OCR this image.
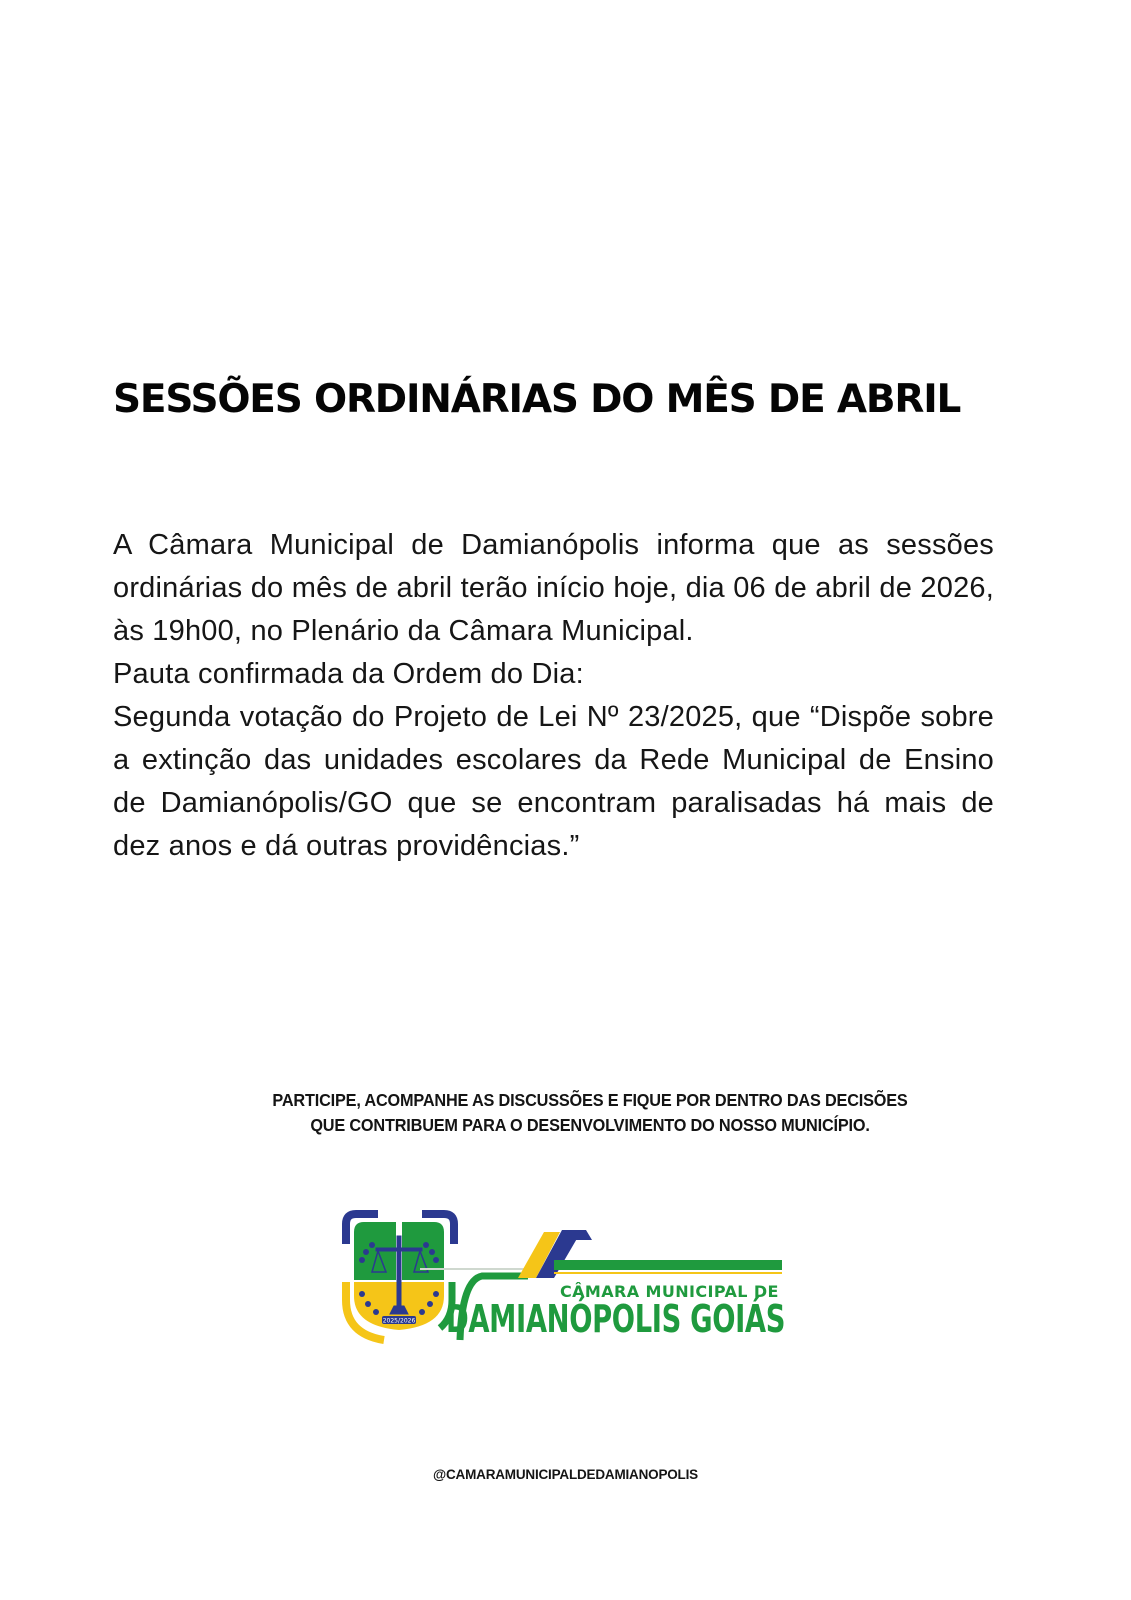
SESSÕES ORDINÁRIAS DO MÊS DE ABRIL

A Câmara Municipal de Damianópolis informa que as sessões ordinárias do mês de abril terão início hoje, dia 06 de abril de 2026, às 19h00, no Plenário da Câmara Municipal.

Pauta confirmada da Ordem do Dia:

Segunda votação do Projeto de Lei Nº 23/2025, que “Dispõe sobre a extinção das unidades escolares da Rede Municipal de Ensino de Damianópolis/GO que se encontram paralisadas há mais de dez anos e dá outras providências.”

PARTICIPE, ACOMPANHE AS DISCUSSÕES E FIQUE POR DENTRO DAS DECISÕES
QUE CONTRIBUEM PARA O DESENVOLVIMENTO DO NOSSO MUNICÍPIO.
2025/2026
CÂMARA MUNICIPAL DE
DAMIANÓPOLIS GOIÁS
@CAMARAMUNICIPALDEDAMIANOPOLIS
